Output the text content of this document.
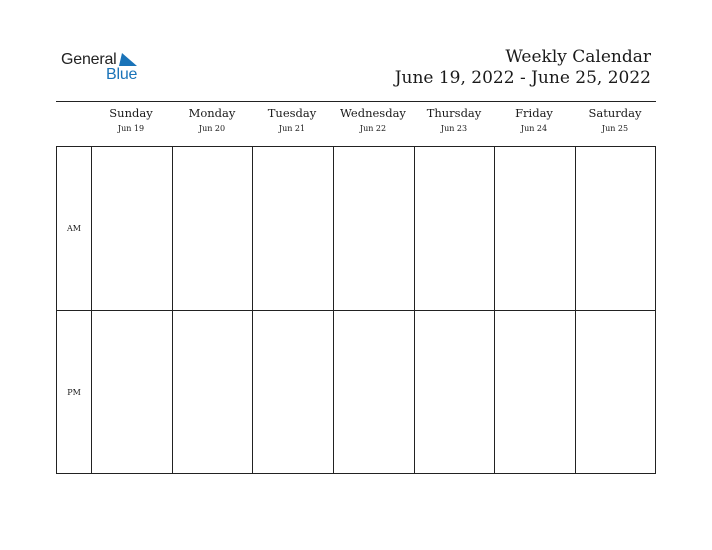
General
Blue
Weekly Calendar
June 19, 2022 - June 25, 2022
Sunday
Jun 19
Monday
Jun 20
Tuesday
Jun 21
Wednesday
Jun 22
Thursday
Jun 23
Friday
Jun 24
Saturday
Jun 25
AM
PM
